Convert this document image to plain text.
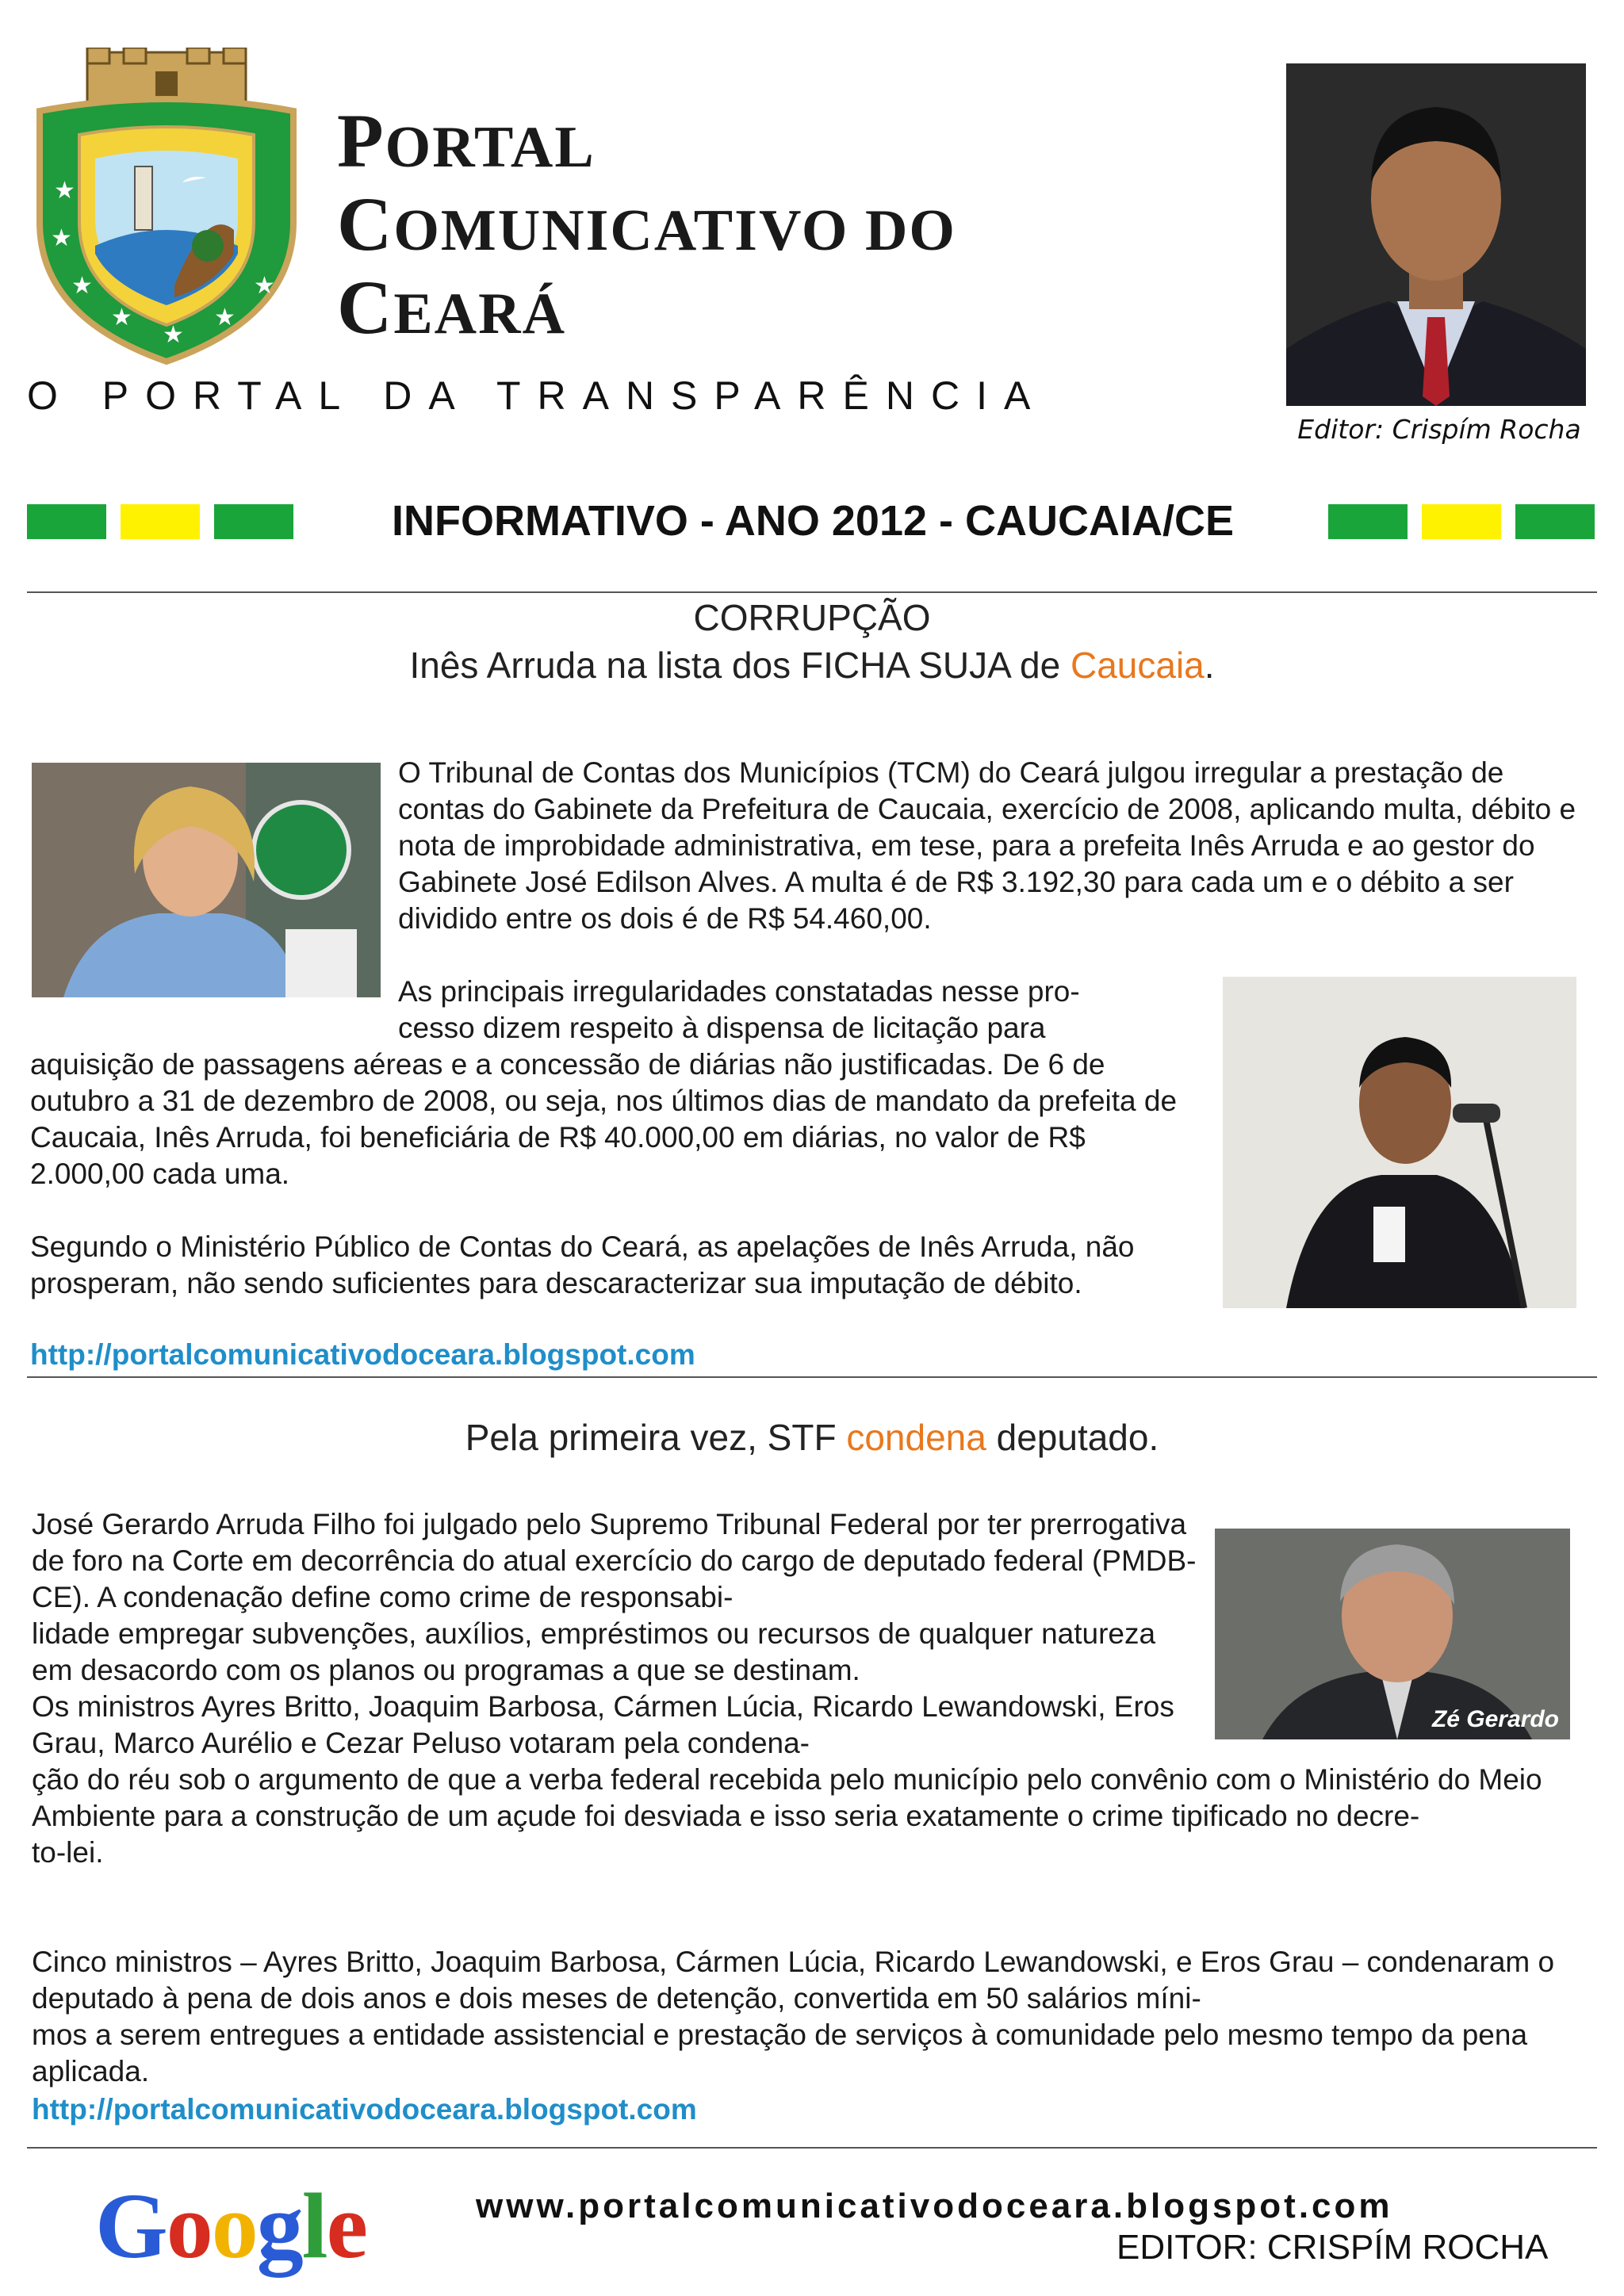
★
★
★
★
★
★
★
PORTAL
COMUNICATIVO DO
CEARÁ
O PORTAL DA TRANSPARÊNCIA
Editor: Crispím Rocha
INFORMATIVO - ANO 2012 - CAUCAIA/CE
CORRUPÇÃO
Inês Arruda na lista dos FICHA SUJA de Caucaia.

O Tribunal de Contas dos Municípios (TCM) do Ceará julgou irregular a prestação de contas do Gabinete da Prefeitura de Caucaia, exercício de 2008, aplicando multa, débito e nota de improbidade administrativa, em tese, para a prefeita Inês Arruda e ao gestor do Gabinete José Edilson Alves. A multa é de R$ 3.192,30 para cada um e o débito a ser dividido entre os dois é de R$ 54.460,00.

As principais irregularidades constatadas nesse pro-
cesso dizem respeito à dispensa de licitação para

aquisição de passagens aéreas e a concessão de diárias não justificadas. De 6 de outubro a 31 de dezembro de 2008, ou seja, nos últimos dias de mandato da prefeita de Caucaia, Inês Arruda, foi beneficiária de R$ 40.000,00 em diárias, no valor de R$ 2.000,00 cada uma.

Segundo o Ministério Público de Contas do Ceará, as apelações de Inês Arruda, não prosperam, não sendo suficientes para descaracterizar sua imputação de débito.

http://portalcomunicativodoceara.blogspot.com
Pela primeira vez, STF condena deputado.

José Gerardo Arruda Filho foi julgado pelo Supremo Tribunal Federal por ter prerrogativa de foro na Corte em decorrência do atual exercício do cargo de deputado federal (PMDB-CE). A condenação define como crime de responsabi-
lidade empregar subvenções, auxílios, empréstimos ou recursos de qualquer natureza em desacordo com os planos ou programas a que se destinam.
Os ministros Ayres Britto, Joaquim Barbosa, Cármen Lúcia, Ricardo Lewandowski, Eros Grau, Marco Aurélio e Cezar Peluso votaram pela condena-

Zé Gerardo

ção do réu sob o argumento de que a verba federal recebida pelo município pelo convênio com o Ministério do Meio
Ambiente para a construção de um açude foi desviada e isso seria exatamente o crime tipificado no decre-
to-lei.

Cinco ministros – Ayres Britto, Joaquim Barbosa, Cármen Lúcia, Ricardo Lewandowski, e Eros Grau – condenaram o deputado à pena de dois anos e dois meses de detenção, convertida em 50 salários míni-
mos a serem entregues a entidade assistencial e prestação de serviços à comunidade pelo mesmo tempo da pena aplicada.

http://portalcomunicativodoceara.blogspot.com
Google	www.portalcomunicativodoceara.blogspot.com
EDITOR: CRISPÍM ROCHA
